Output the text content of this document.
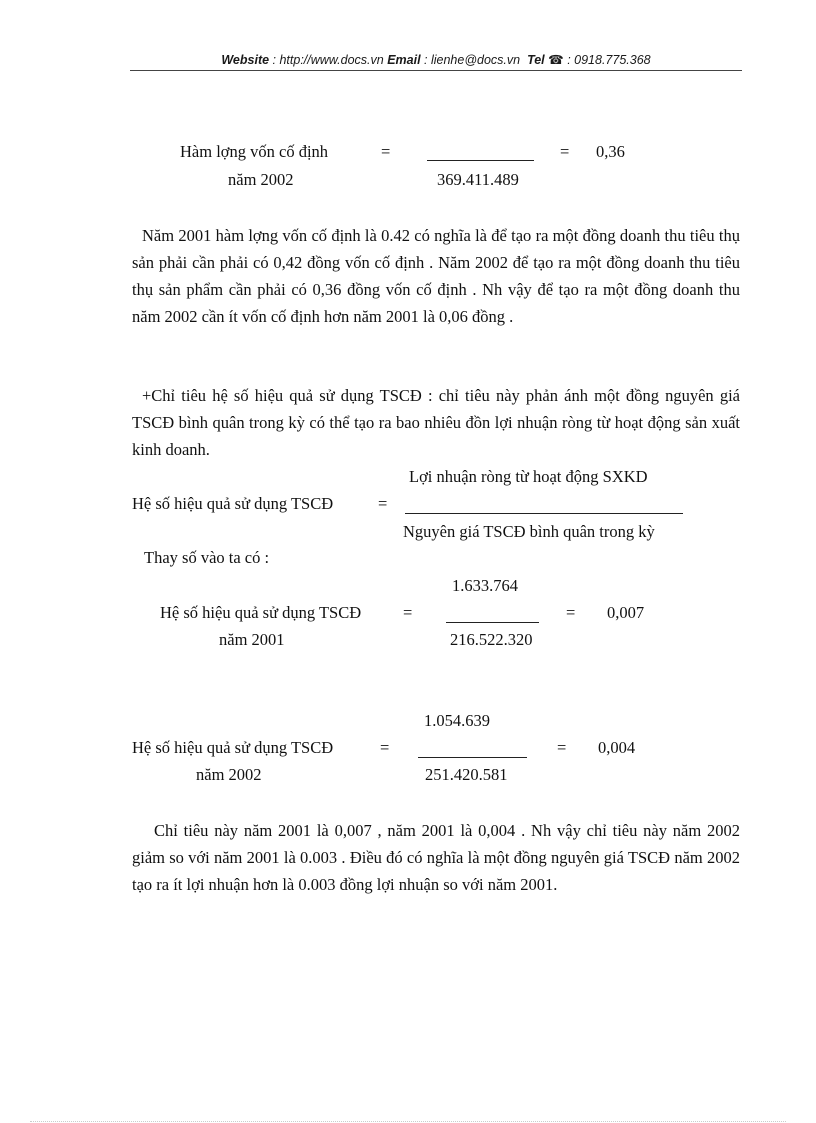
Website : http://www.docs.vn Email : lienhe@docs.vn Tel ☎ : 0918.775.368
Hàm lợng vốn cố định
năm 2002
=
369.411.489
= 0,36
Năm 2001 hàm lợng vốn cố định là 0.42 có nghĩa là để tạo ra một đồng doanh thu tiêu thụ sản phải cần phải có 0,42 đồng vốn cố định . Năm 2002 để tạo ra một đồng doanh thu tiêu thụ sản phẩm cần phải có 0,36 đồng vốn cố định . Nh vậy để tạo ra một đồng doanh thu năm 2002 cần ít vốn cố định hơn năm 2001 là 0,06 đồng .
+Chỉ tiêu hệ số hiệu quả sử dụng TSCĐ : chỉ tiêu này phản ánh một đồng nguyên giá TSCĐ bình quân trong kỳ có thể tạo ra bao nhiêu đồn lợi nhuận ròng từ hoạt động sản xuất kinh doanh.
Lợi nhuận ròng từ hoạt động SXKD
Hệ số hiệu quả sử dụng TSCĐ	=
Nguyên giá TSCĐ bình quân trong kỳ
Thay số vào ta có :
1.633.764
Hệ số hiệu quả sử dụng TSCĐ
năm 2001
=
216.522.320
= 0,007
1.054.639
Hệ số hiệu quả sử dụng TSCĐ
năm 2002
=
251.420.581
= 0,004
Chỉ tiêu này năm 2001 là 0,007 , năm 2001 là 0,004 . Nh vậy chỉ tiêu này năm 2002 giảm so với năm 2001 là 0.003 . Điều đó có nghĩa là một đồng nguyên giá TSCĐ năm 2002 tạo ra ít lợi nhuận hơn là 0.003 đồng lợi nhuận so với năm 2001.
